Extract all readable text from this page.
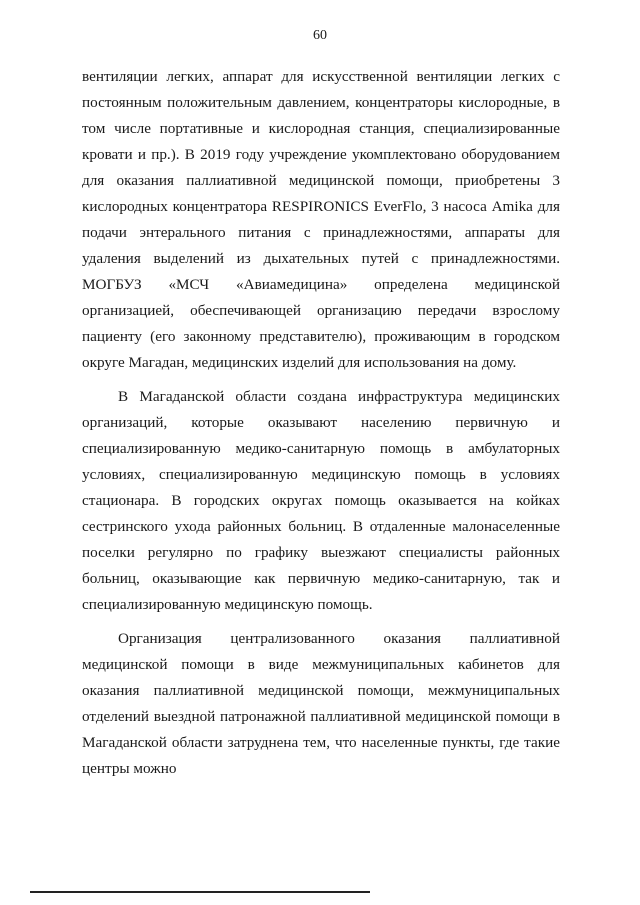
60

вентиляции легких, аппарат для искусственной вентиляции легких с постоянным положительным давлением, концентраторы кислородные, в том числе портативные и кислородная станция, специализированные кровати и пр.). В 2019 году учреждение укомплектовано оборудованием для оказания паллиативной медицинской помощи, приобретены 3 кислородных концентратора RESPIRONICS EverFlo, 3 насоса Amika для подачи энтерального питания с принадлежностями, аппараты для удаления выделений из дыхательных путей с принадлежностями. МОГБУЗ «МСЧ «Авиамедицина» определена медицинской организацией, обеспечивающей организацию передачи взрослому пациенту (его законному представителю), проживающим в городском округе Магадан, медицинских изделий для использования на дому.

В Магаданской области создана инфраструктура медицинских организаций, которые оказывают населению первичную и специализированную медико-санитарную помощь в амбулаторных условиях, специализированную медицинскую помощь в условиях стационара. В городских округах помощь оказывается на койках сестринского ухода районных больниц. В отдаленные малонаселенные поселки регулярно по графику выезжают специалисты районных больниц, оказывающие как первичную медико-санитарную, так и специализированную медицинскую помощь.

Организация централизованного оказания паллиативной медицинской помощи в виде межмуниципальных кабинетов для оказания паллиативной медицинской помощи, межмуниципальных отделений выездной патронажной паллиативной медицинской помощи в Магаданской области затруднена тем, что населенные пункты, где такие центры можно
